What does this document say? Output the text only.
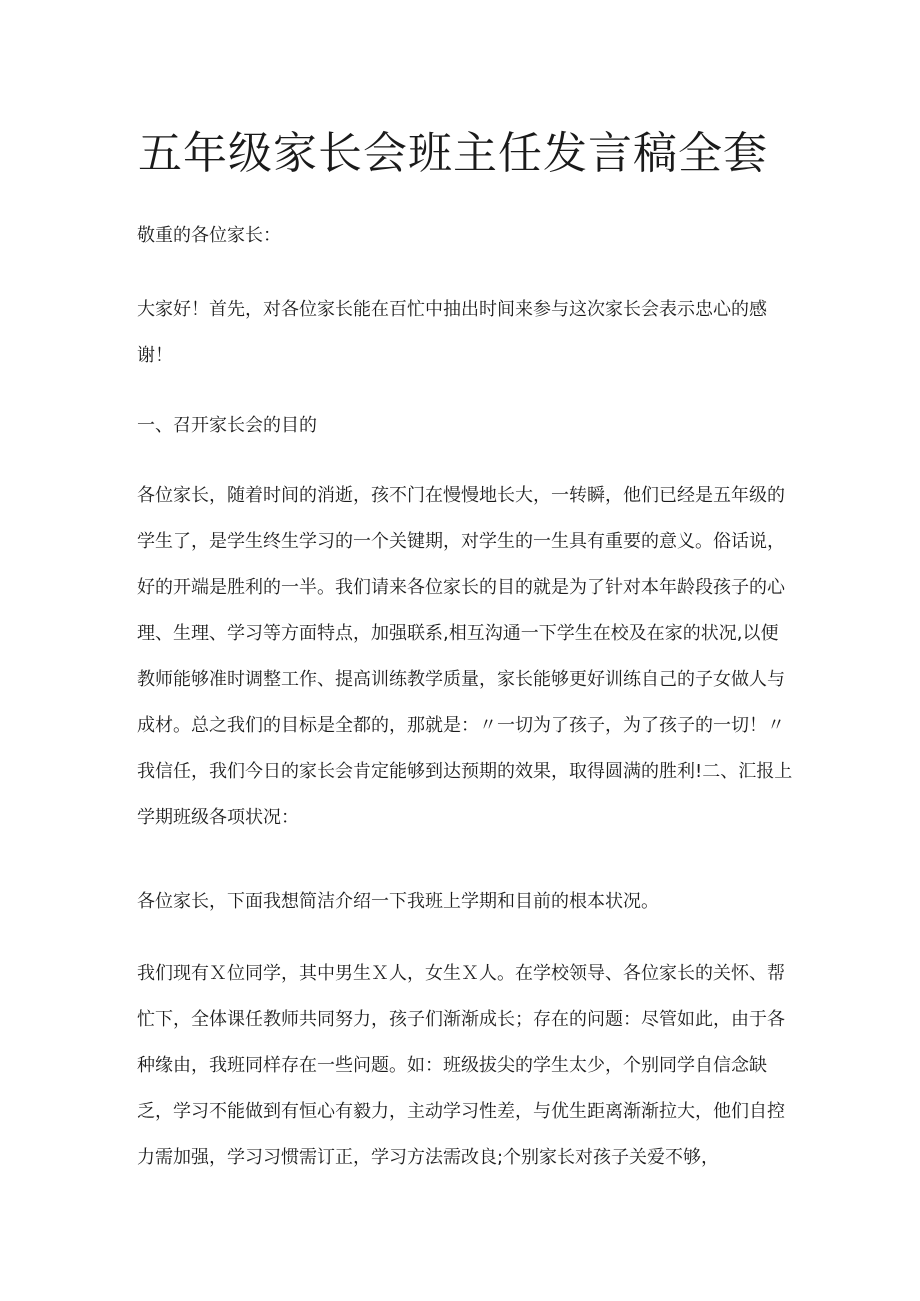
五年级家长会班主任发言稿全套

敬重的各位家长：

大家好！首先，对各位家长能在百忙中抽出时间来参与这次家长会表示忠心的感谢！

一、召开家长会的目的

各位家长，随着时间的消逝，孩不门在慢慢地长大，一转瞬，他们已经是五年级的学生了，是学生终生学习的一个关键期，对学生的一生具有重要的意义。俗话说，好的开端是胜利的一半。我们请来各位家长的目的就是为了针对本年龄段孩子的心理、生理、学习等方面特点，加强联系,相互沟通一下学生在校及在家的状况,以便教师能够准时调整工作、提高训练教学质量，家长能够更好训练自己的子女做人与成材。总之我们的目标是全都的，那就是：〃一切为了孩子，为了孩子的一切！〃我信任，我们今日的家长会肯定能够到达预期的效果，取得圆满的胜利!二、汇报上学期班级各项状况：

各位家长，下面我想简洁介绍一下我班上学期和目前的根本状况。

我们现有Ｘ位同学，其中男生Ｘ人，女生Ｘ人。在学校领导、各位家长的关怀、帮忙下，全体课任教师共同努力，孩子们渐渐成长；存在的问题：尽管如此，由于各种缘由，我班同样存在一些问题。如：班级拔尖的学生太少，个别同学自信念缺乏，学习不能做到有恒心有毅力，主动学习性差，与优生距离渐渐拉大，他们自控力需加强，学习习惯需订正，学习方法需改良;个别家长对孩子关爱不够，
